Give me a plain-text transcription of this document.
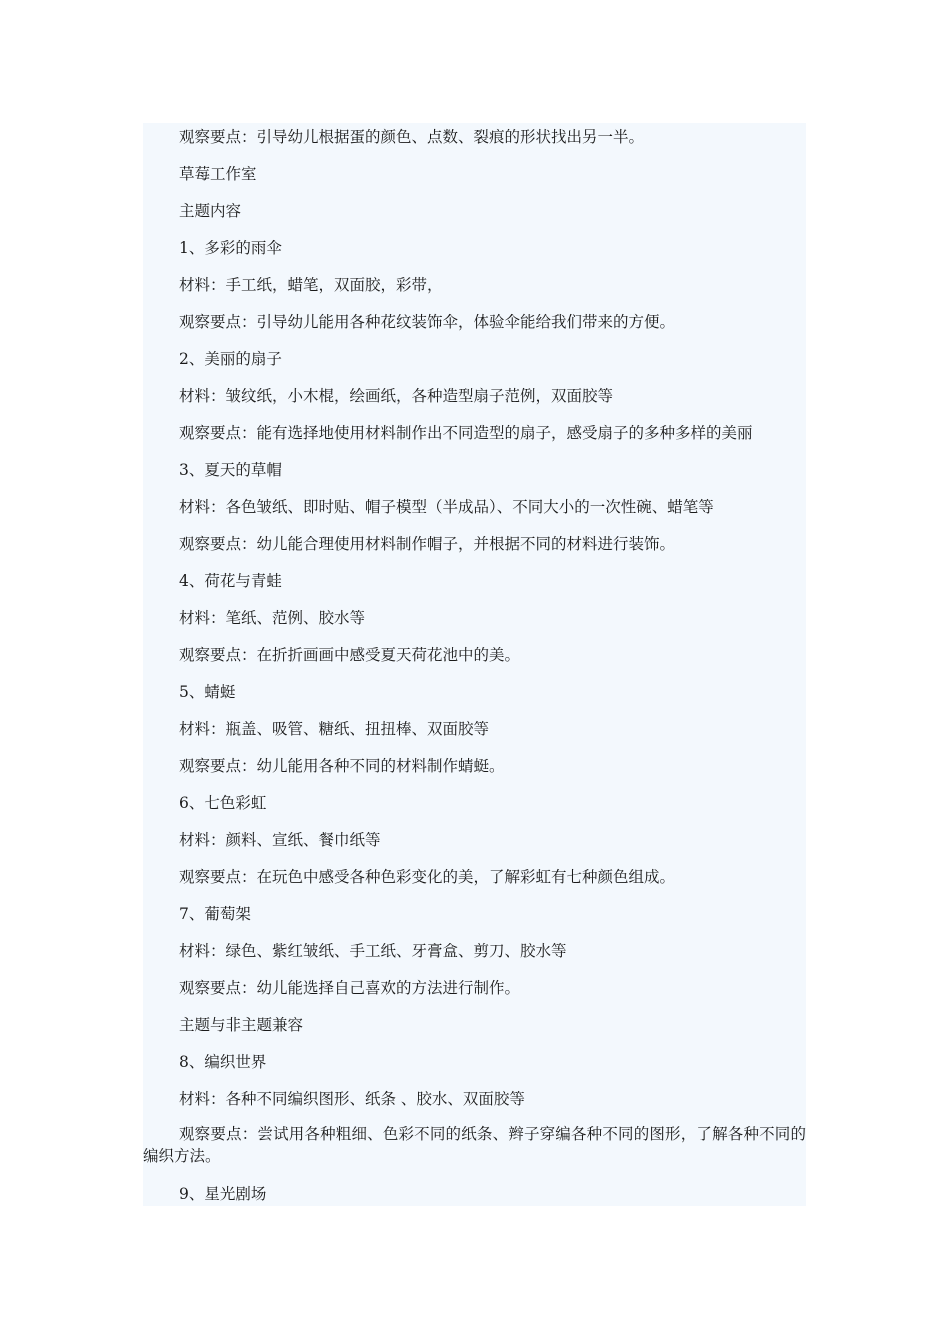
观察要点：引导幼儿根据蛋的颜色、点数、裂痕的形状找出另一半。
草莓工作室
主题内容
1、多彩的雨伞
材料：手工纸，蜡笔，双面胶，彩带，
观察要点：引导幼儿能用各种花纹装饰伞，体验伞能给我们带来的方便。
2、美丽的扇子
材料：皱纹纸，小木棍，绘画纸，各种造型扇子范例，双面胶等
观察要点：能有选择地使用材料制作出不同造型的扇子，感受扇子的多种多样的美丽
3、夏天的草帽
材料：各色皱纸、即时贴、帽子模型（半成品）、不同大小的一次性碗、蜡笔等
观察要点：幼儿能合理使用材料制作帽子，并根据不同的材料进行装饰。
4、荷花与青蛙
材料：笔纸、范例、胶水等
观察要点：在折折画画中感受夏天荷花池中的美。
5、蜻蜓
材料：瓶盖、吸管、糖纸、扭扭棒、双面胶等
观察要点：幼儿能用各种不同的材料制作蜻蜓。
6、七色彩虹
材料：颜料、宣纸、餐巾纸等
观察要点：在玩色中感受各种色彩变化的美，了解彩虹有七种颜色组成。
7、葡萄架
材料：绿色、紫红皱纸、手工纸、牙膏盒、剪刀、胶水等
观察要点：幼儿能选择自己喜欢的方法进行制作。
主题与非主题兼容
8、编织世界
材料：各种不同编织图形、纸条 、胶水、双面胶等
观察要点：尝试用各种粗细、色彩不同的纸条、辫子穿编各种不同的图形，了解各种不同的编织方法。
9、星光剧场
